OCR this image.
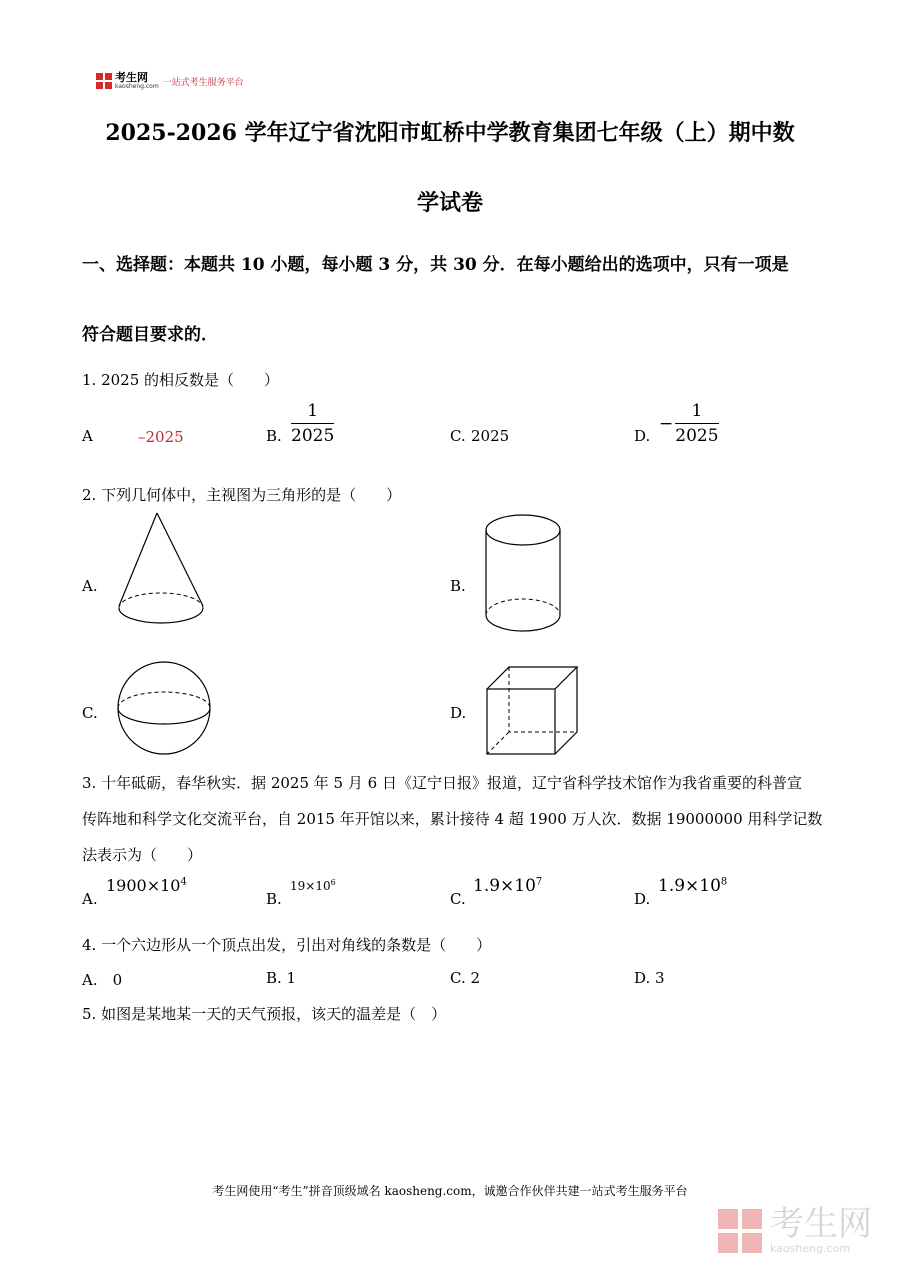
考生网
kaosheng.com 一站式考生服务平台
2025-2026 学年辽宁省沈阳市虹桥中学教育集团七年级（上）期中数
学试卷
一、选择题：本题共 10 小题，每小题 3 分，共 30 分．在每小题给出的选项中，只有一项是
符合题目要求的．
1. 2025 的相反数是（　　）
A	–2025	B. $\frac{1}{2025}$	C. 2025	D.
− $\frac{1}{2025}$
2. 下列几何体中，主视图为三角形的是（　　）
A.	B.
C.	D.
3. 十年砥砺，春华秋实．据 2025 年 5 月 6 日《辽宁日报》报道，辽宁省科学技术馆作为我省重要的科普宣
传阵地和科学文化交流平台，自 2015 年开馆以来，累计接待 4 超 1900 万人次．数据 19000000 用科学记数
法表示为（　　）
A.
$1900\times 10^4$
B.
$19\times 10^6$
C.
$1.9\times 10^7$
D.
$1.9\times 10^8$
4. 一个六边形从一个顶点出发，引出对角线的条数是（　　）
A.　0	B. 1	C. 2	D. 3
5. 如图是某地某一天的天气预报，该天的温差是（　）
考生网使用“考生”拼音顶级域名 kaosheng.com，诚邀合作伙伴共建一站式考生服务平台
考生网
kaosheng.com
